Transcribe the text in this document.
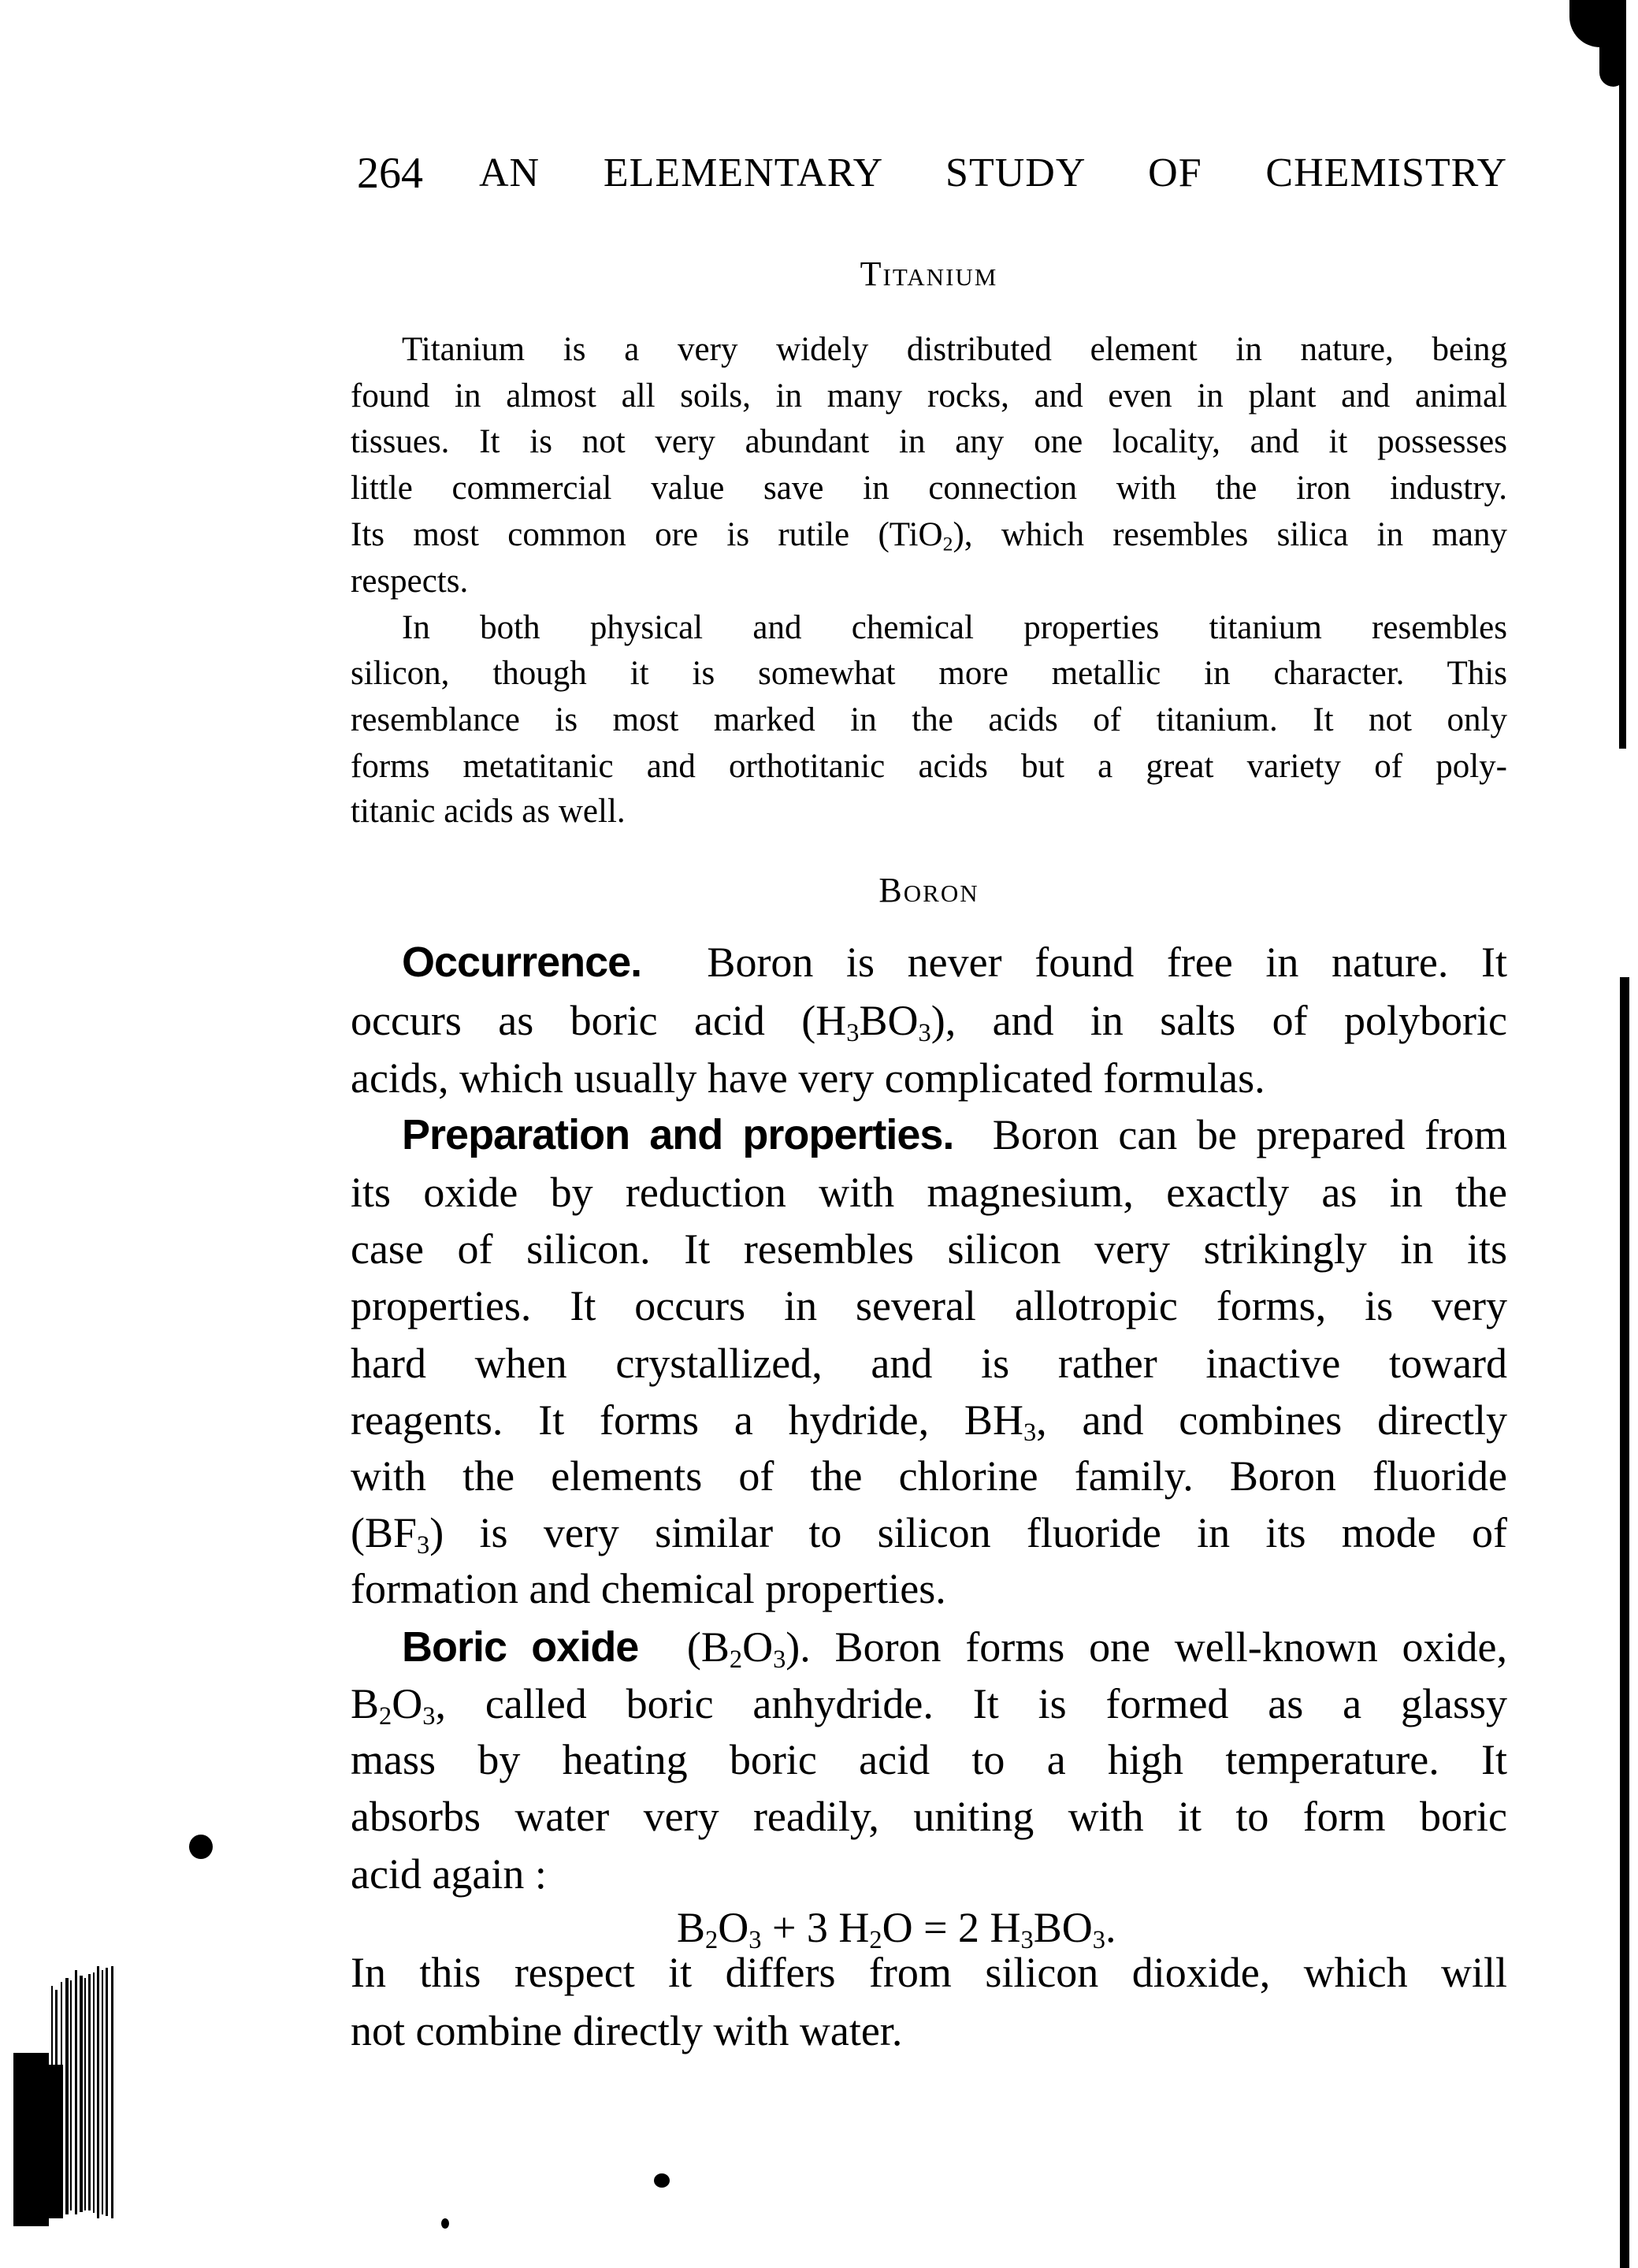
264 AN ELEMENTARY STUDY OF CHEMISTRY
Titanium
Titanium is a very widely distributed element in nature, being
found in almost all soils, in many rocks, and even in plant and animal
tissues. It is not very abundant in any one locality, and it possesses
little commercial value save in connection with the iron industry.
Its most common ore is rutile (TiO$_2$), which resembles silica in many
respects.
In both physical and chemical properties titanium resembles
silicon, though it is somewhat more metallic in character. This
resemblance is most marked in the acids of titanium. It not only
forms metatitanic and orthotitanic acids but a great variety of poly-
titanic acids as well.
Boron
Occurrence. Boron is never found free in nature. It
occurs as boric acid $(H_3BO_3)$, and in salts of polyboric
acids, which usually have very complicated formulas.
Preparation and properties. Boron can be prepared from
its oxide by reduction with magnesium, exactly as in the
case of silicon. It resembles silicon very strikingly in its
properties. It occurs in several allotropic forms, is very
hard when crystallized, and is rather inactive toward
reagents. It forms a hydride, $BH_3$, and combines directly
with the elements of the chlorine family. Boron fluoride
$(BF_3)$ is very similar to silicon fluoride in its mode of
formation and chemical properties.
Boric oxide $(B_2O_3)$. Boron forms one well-known oxide,
$B_2O_3$, called boric anhydride. It is formed as a glassy
mass by heating boric acid to a high temperature. It
absorbs water very readily, uniting with it to form boric
acid again :
$B_2O_3 + 3$ $H_2O = 2$ $H_3BO_3$.
In this respect it differs from silicon dioxide, which will
not combine directly with water.
